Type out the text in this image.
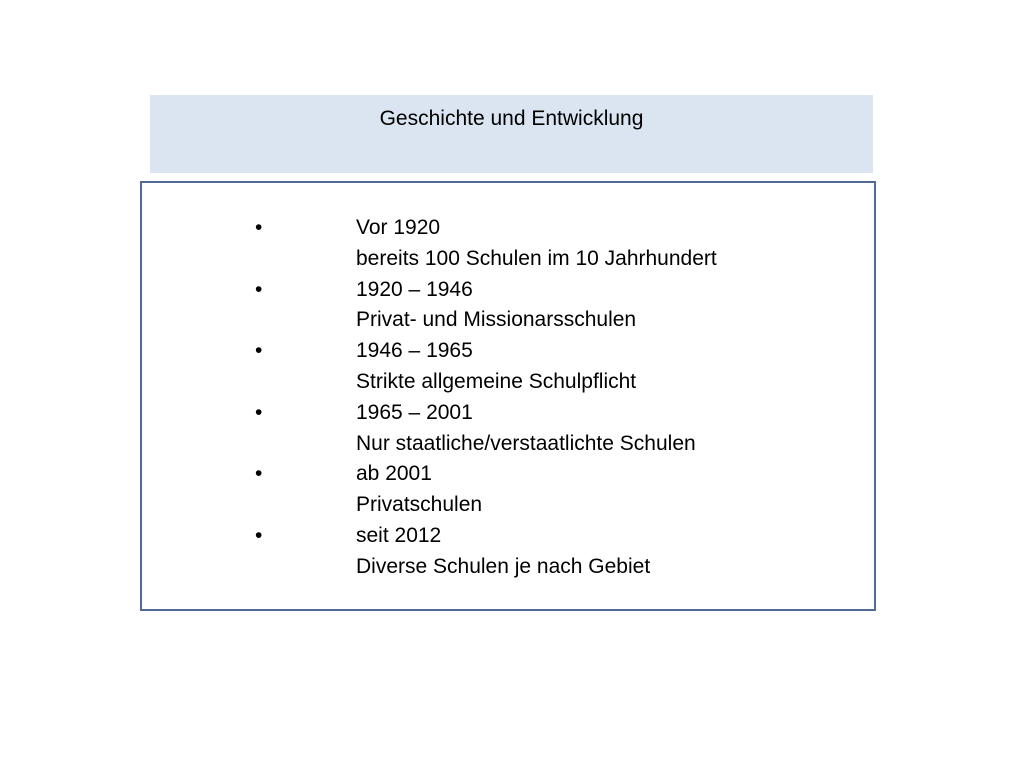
Geschichte und Entwicklung
•	Vor 1920
bereits 100 Schulen im 10 Jahrhundert
•	1920 – 1946
Privat- und Missionarsschulen
•	1946 – 1965
Strikte allgemeine Schulpflicht
•	1965 – 2001
Nur staatliche/verstaatlichte Schulen
•	ab 2001
Privatschulen
•	seit 2012
Diverse Schulen je nach Gebiet
